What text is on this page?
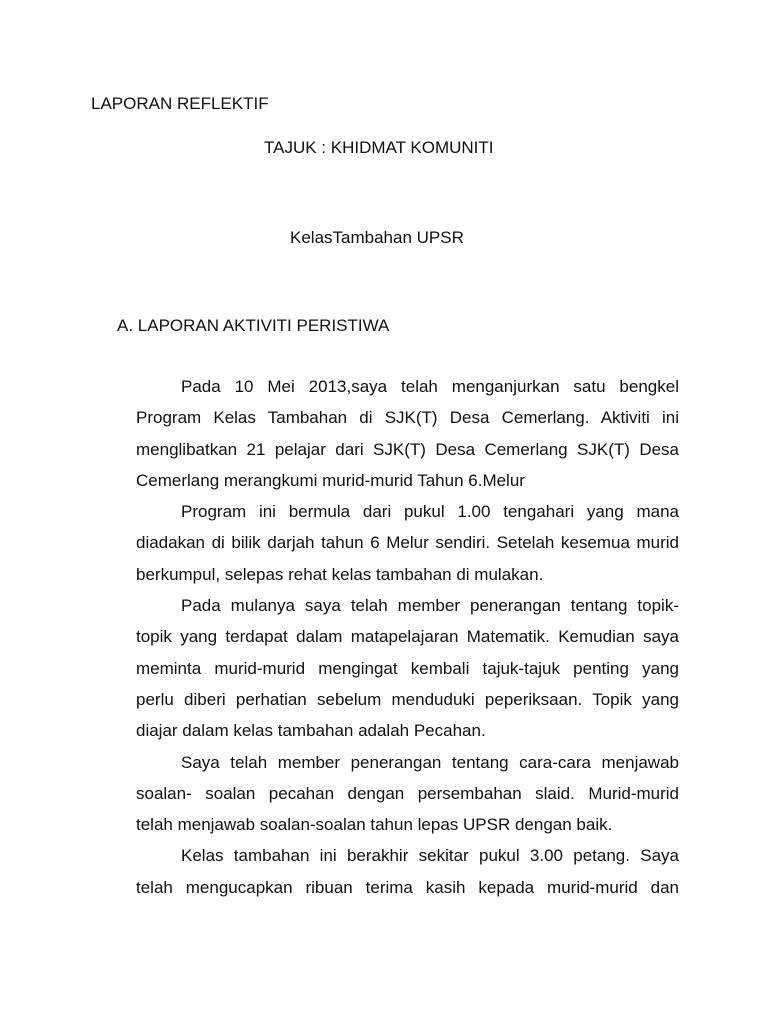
LAPORAN REFLEKTIF
TAJUK : KHIDMAT KOMUNITI
KelasTambahan UPSR
A. LAPORAN AKTIVITI PERISTIWA
Pada 10 Mei 2013,saya telah menganjurkan satu bengkel
Program Kelas Tambahan di SJK(T) Desa Cemerlang. Aktiviti ini
menglibatkan 21 pelajar dari SJK(T) Desa Cemerlang SJK(T) Desa
Cemerlang merangkumi murid-murid Tahun 6.Melur
Program ini bermula dari pukul 1.00 tengahari yang mana
diadakan di bilik darjah tahun 6 Melur sendiri. Setelah kesemua murid
berkumpul, selepas rehat kelas tambahan di mulakan.
Pada mulanya saya telah member penerangan tentang topik-
topik yang terdapat dalam matapelajaran Matematik. Kemudian saya
meminta murid-murid mengingat kembali tajuk-tajuk penting yang
perlu diberi perhatian sebelum menduduki peperiksaan. Topik yang
diajar dalam kelas tambahan adalah Pecahan.
Saya telah member penerangan tentang cara-cara menjawab
soalan- soalan pecahan dengan persembahan slaid. Murid-murid
telah menjawab soalan-soalan tahun lepas UPSR dengan baik.
Kelas tambahan ini berakhir sekitar pukul 3.00 petang. Saya
telah mengucapkan ribuan terima kasih kepada murid-murid dan
